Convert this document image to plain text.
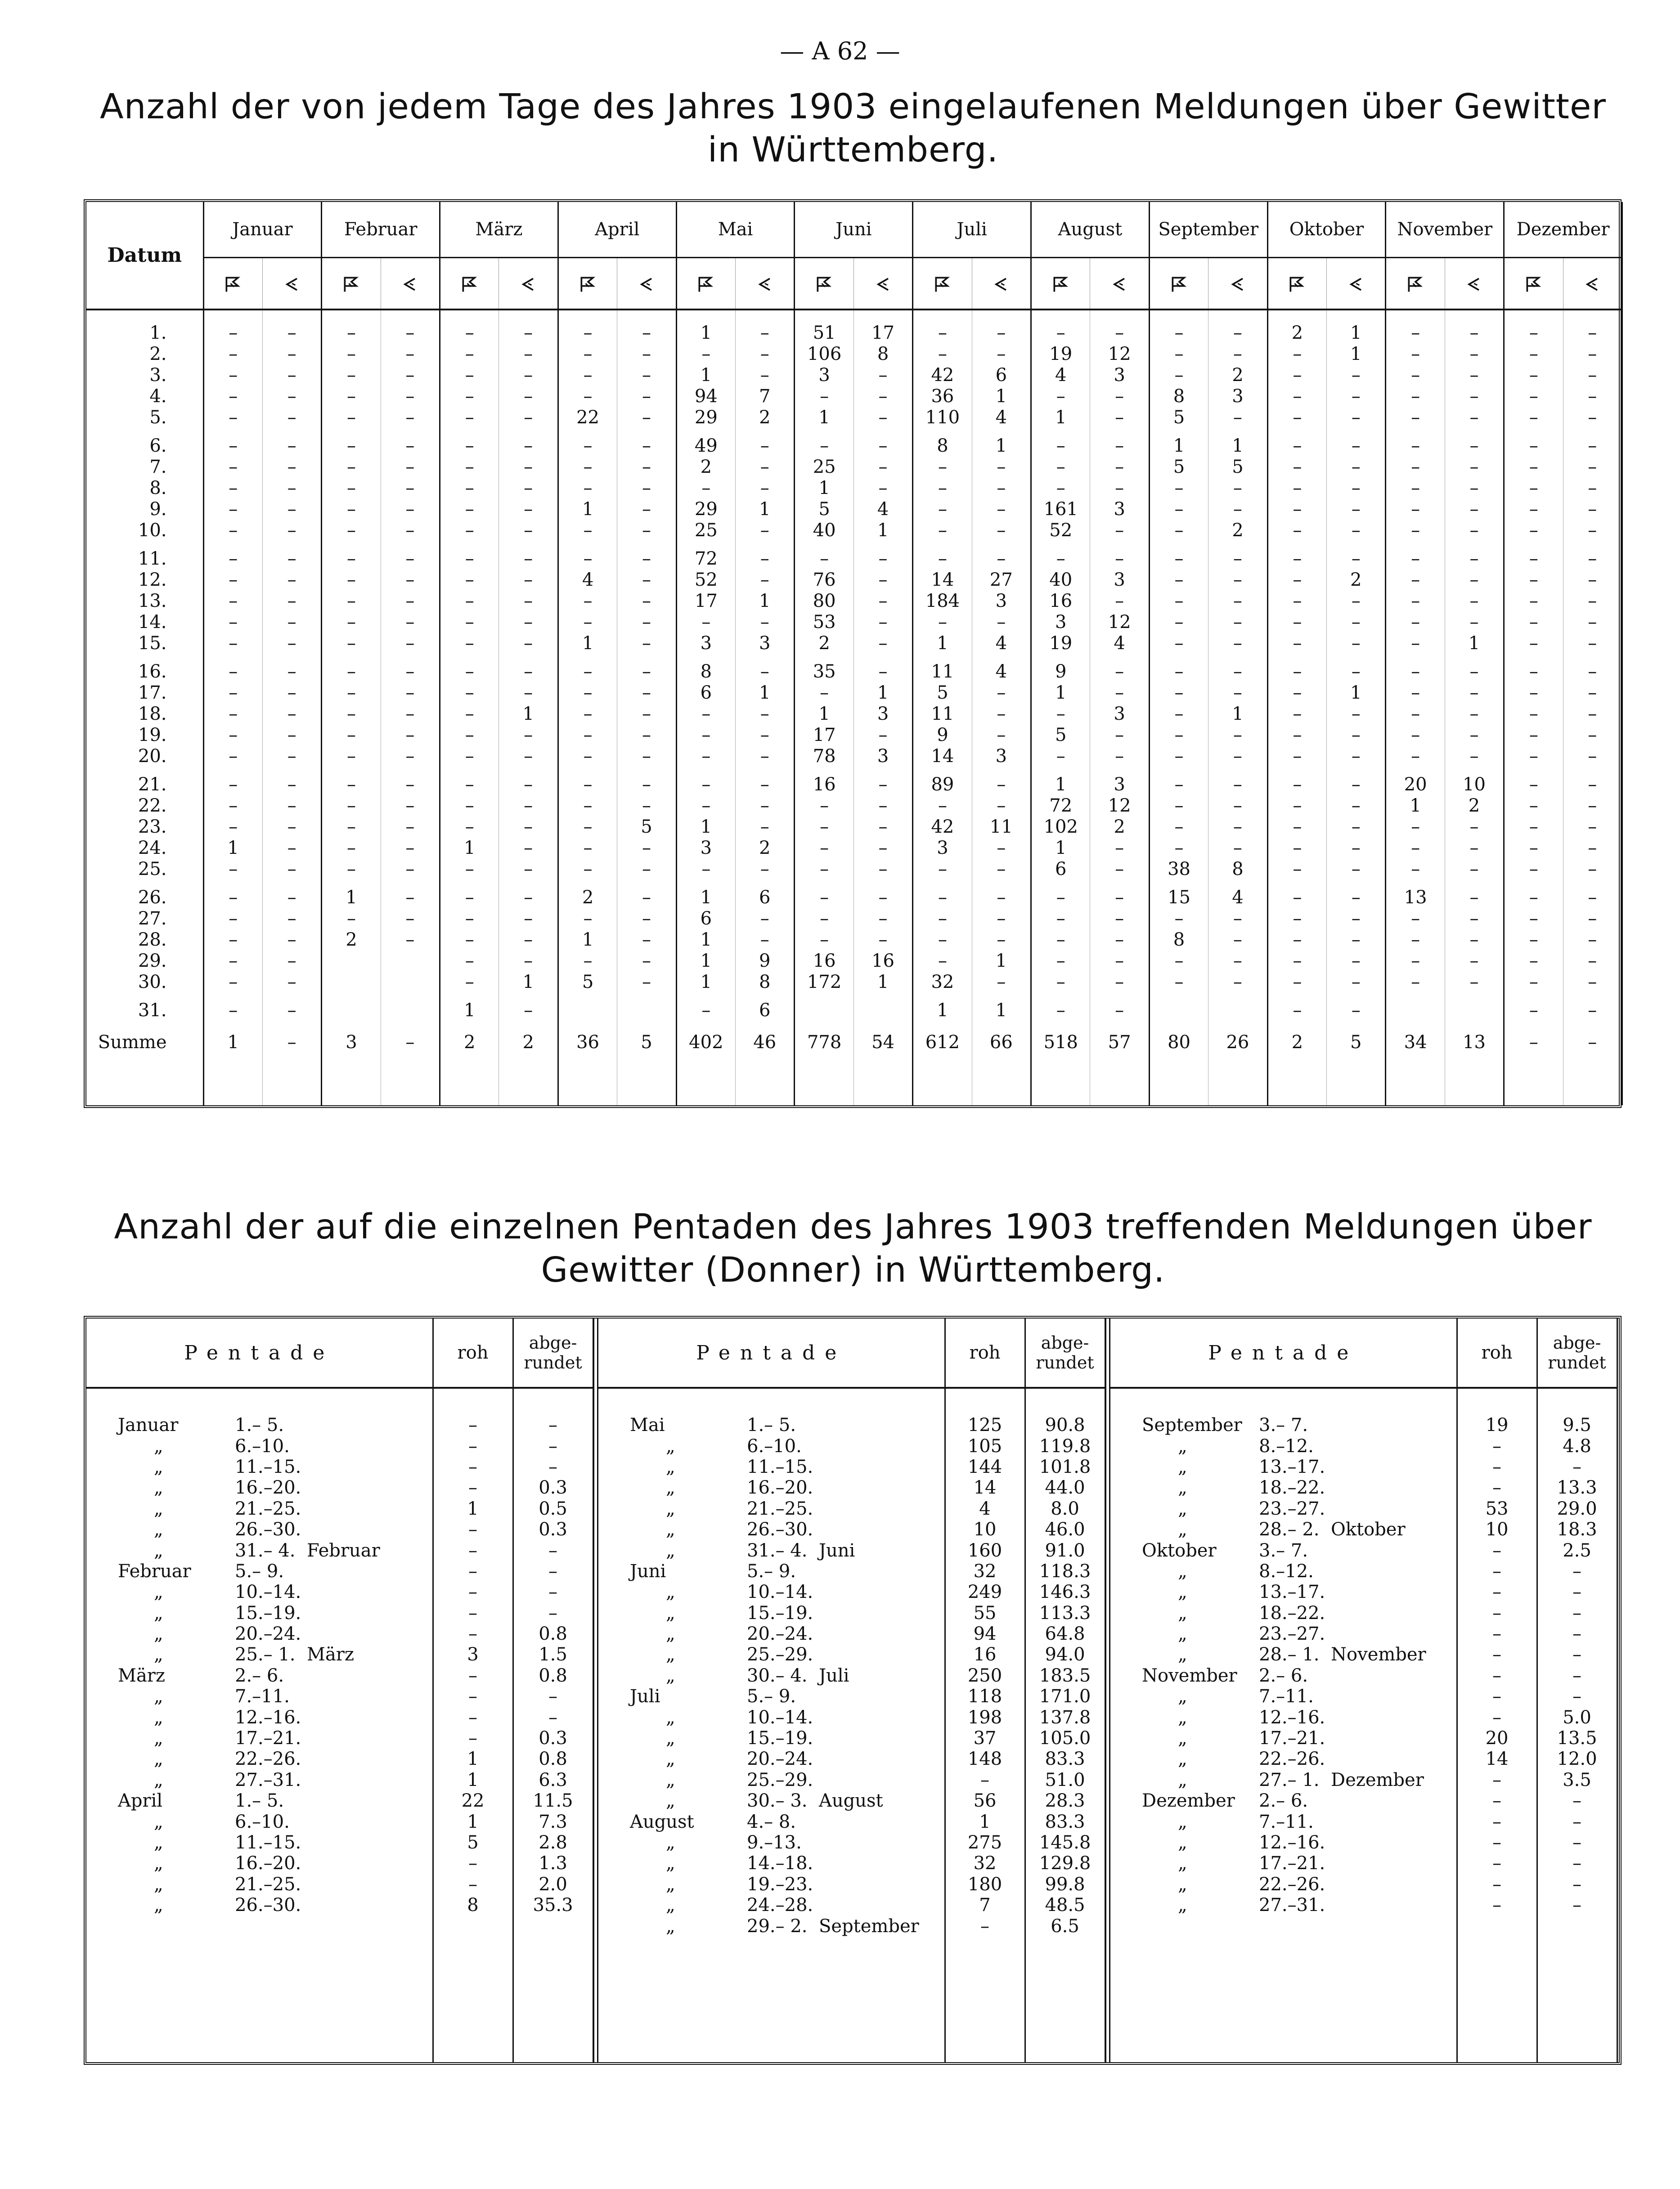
— A 62 —
Anzahl der von jedem Tage des Jahres 1903 eingelaufenen Meldungen über Gewitter in Württemberg.
Datum	Januar		Februar		März		April		Mai		Juni		Juli		August		September		Oktober		November		Dezember	

1.	–	–	–	–	–	–	–	–	1	–	51	17	–	–	–	–	–	–	2	1	–	–	–	–
2.	–	–	–	–	–	–	–	–	–	–	106	8	–	–	19	12	–	–	–	1	–	–	–	–
3.	–	–	–	–	–	–	–	–	1	–	3	–	42	6	4	3	–	2	–	–	–	–	–	–
4.	–	–	–	–	–	–	–	–	94	7	–	–	36	1	–	–	8	3	–	–	–	–	–	–
5.	–	–	–	–	–	–	22	–	29	2	1	–	110	4	1	–	5	–	–	–	–	–	–	–

6.	–	–	–	–	–	–	–	–	49	–	–	–	8	1	–	–	1	1	–	–	–	–	–	–
7.	–	–	–	–	–	–	–	–	2	–	25	–	–	–	–	–	5	5	–	–	–	–	–	–
8.	–	–	–	–	–	–	–	–	–	–	1	–	–	–	–	–	–	–	–	–	–	–	–	–
9.	–	–	–	–	–	–	1	–	29	1	5	4	–	–	161	3	–	–	–	–	–	–	–	–
10.	–	–	–	–	–	–	–	–	25	–	40	1	–	–	52	–	–	2	–	–	–	–	–	–

11.	–	–	–	–	–	–	–	–	72	–	–	–	–	–	–	–	–	–	–	–	–	–	–	–
12.	–	–	–	–	–	–	4	–	52	–	76	–	14	27	40	3	–	–	–	2	–	–	–	–
13.	–	–	–	–	–	–	–	–	17	1	80	–	184	3	16	–	–	–	–	–	–	–	–	–
14.	–	–	–	–	–	–	–	–	–	–	53	–	–	–	3	12	–	–	–	–	–	–	–	–
15.	–	–	–	–	–	–	1	–	3	3	2	–	1	4	19	4	–	–	–	–	–	1	–	–

16.	–	–	–	–	–	–	–	–	8	–	35	–	11	4	9	–	–	–	–	–	–	–	–	–
17.	–	–	–	–	–	–	–	–	6	1	–	1	5	–	1	–	–	–	–	1	–	–	–	–
18.	–	–	–	–	–	1	–	–	–	–	1	3	11	–	–	3	–	1	–	–	–	–	–	–
19.	–	–	–	–	–	–	–	–	–	–	17	–	9	–	5	–	–	–	–	–	–	–	–	–
20.	–	–	–	–	–	–	–	–	–	–	78	3	14	3	–	–	–	–	–	–	–	–	–	–

21.	–	–	–	–	–	–	–	–	–	–	16	–	89	–	1	3	–	–	–	–	20	10	–	–
22.	–	–	–	–	–	–	–	–	–	–	–	–	–	–	72	12	–	–	–	–	1	2	–	–
23.	–	–	–	–	–	–	–	5	1	–	–	–	42	11	102	2	–	–	–	–	–	–	–	–
24.	1	–	–	–	1	–	–	–	3	2	–	–	3	–	1	–	–	–	–	–	–	–	–	–
25.	–	–	–	–	–	–	–	–	–	–	–	–	–	–	6	–	38	8	–	–	–	–	–	–

26.	–	–	1	–	–	–	2	–	1	6	–	–	–	–	–	–	15	4	–	–	13	–	–	–
27.	–	–	–	–	–	–	–	–	6	–	–	–	–	–	–	–	–	–	–	–	–	–	–	–
28.	–	–	2	–	–	–	1	–	1	–	–	–	–	–	–	–	8	–	–	–	–	–	–	–
29.	–	–			–	–	–	–	1	9	16	16	–	1	–	–	–	–	–	–	–	–	–	–
30.	–	–			–	1	5	–	1	8	172	1	32	–	–	–	–	–	–	–	–	–	–	–

31.	–	–			1	–			–	6			1	1	–	–			–	–			–	–
Summe	1	–	3	–	2	2	36	5	402	46	778	54	612	66	518	57	80	26	2	5	34	13	–	–

Anzahl der auf die einzelnen Pentaden des Jahres 1903 treffenden Meldungen über Gewitter (Donner) in Württemberg.
Pentade			roh	abge-
rundet
Januar	1.– 5.		–	–
„	6.–10.		–	–
„	11.–15.		–	–
„	16.–20.		–	0.3
„	21.–25.		1	0.5
„	26.–30.		–	0.3
„	31.– 4.	Februar	–	–
Februar	5.– 9.		–	–
„	10.–14.		–	–
„	15.–19.		–	–
„	20.–24.		–	0.8
„	25.– 1.	März	3	1.5
März	2.– 6.		–	0.8
„	7.–11.		–	–
„	12.–16.		–	–
„	17.–21.		–	0.3
„	22.–26.		1	0.8
„	27.–31.		1	6.3
April	1.– 5.		22	11.5
„	6.–10.		1	7.3
„	11.–15.		5	2.8
„	16.–20.		–	1.3
„	21.–25.		–	2.0
„	26.–30.		8	35.3

Pentade			roh	abge-
rundet
Mai	1.– 5.		125	90.8
„	6.–10.		105	119.8
„	11.–15.		144	101.8
„	16.–20.		14	44.0
„	21.–25.		4	8.0
„	26.–30.		10	46.0
„	31.– 4.	Juni	160	91.0
Juni	5.– 9.		32	118.3
„	10.–14.		249	146.3
„	15.–19.		55	113.3
„	20.–24.		94	64.8
„	25.–29.		16	94.0
„	30.– 4.	Juli	250	183.5
Juli	5.– 9.		118	171.0
„	10.–14.		198	137.8
„	15.–19.		37	105.0
„	20.–24.		148	83.3
„	25.–29.		–	51.0
„	30.– 3.	August	56	28.3
August	4.– 8.		1	83.3
„	9.–13.		275	145.8
„	14.–18.		32	129.8
„	19.–23.		180	99.8
„	24.–28.		7	48.5
„	29.– 2.	September	–	6.5

Pentade			roh	abge-
rundet
September	3.– 7.		19	9.5
„	8.–12.		–	4.8
„	13.–17.		–	–
„	18.–22.		–	13.3
„	23.–27.		53	29.0
„	28.– 2.	Oktober	10	18.3
Oktober	3.– 7.		–	2.5
„	8.–12.		–	–
„	13.–17.		–	–
„	18.–22.		–	–
„	23.–27.		–	–
„	28.– 1.	November	–	–
November	2.– 6.		–	–
„	7.–11.		–	–
„	12.–16.		–	5.0
„	17.–21.		20	13.5
„	22.–26.		14	12.0
„	27.– 1.	Dezember	–	3.5
Dezember	2.– 6.		–	–
„	7.–11.		–	–
„	12.–16.		–	–
„	17.–21.		–	–
„	22.–26.		–	–
„	27.–31.		–	–
